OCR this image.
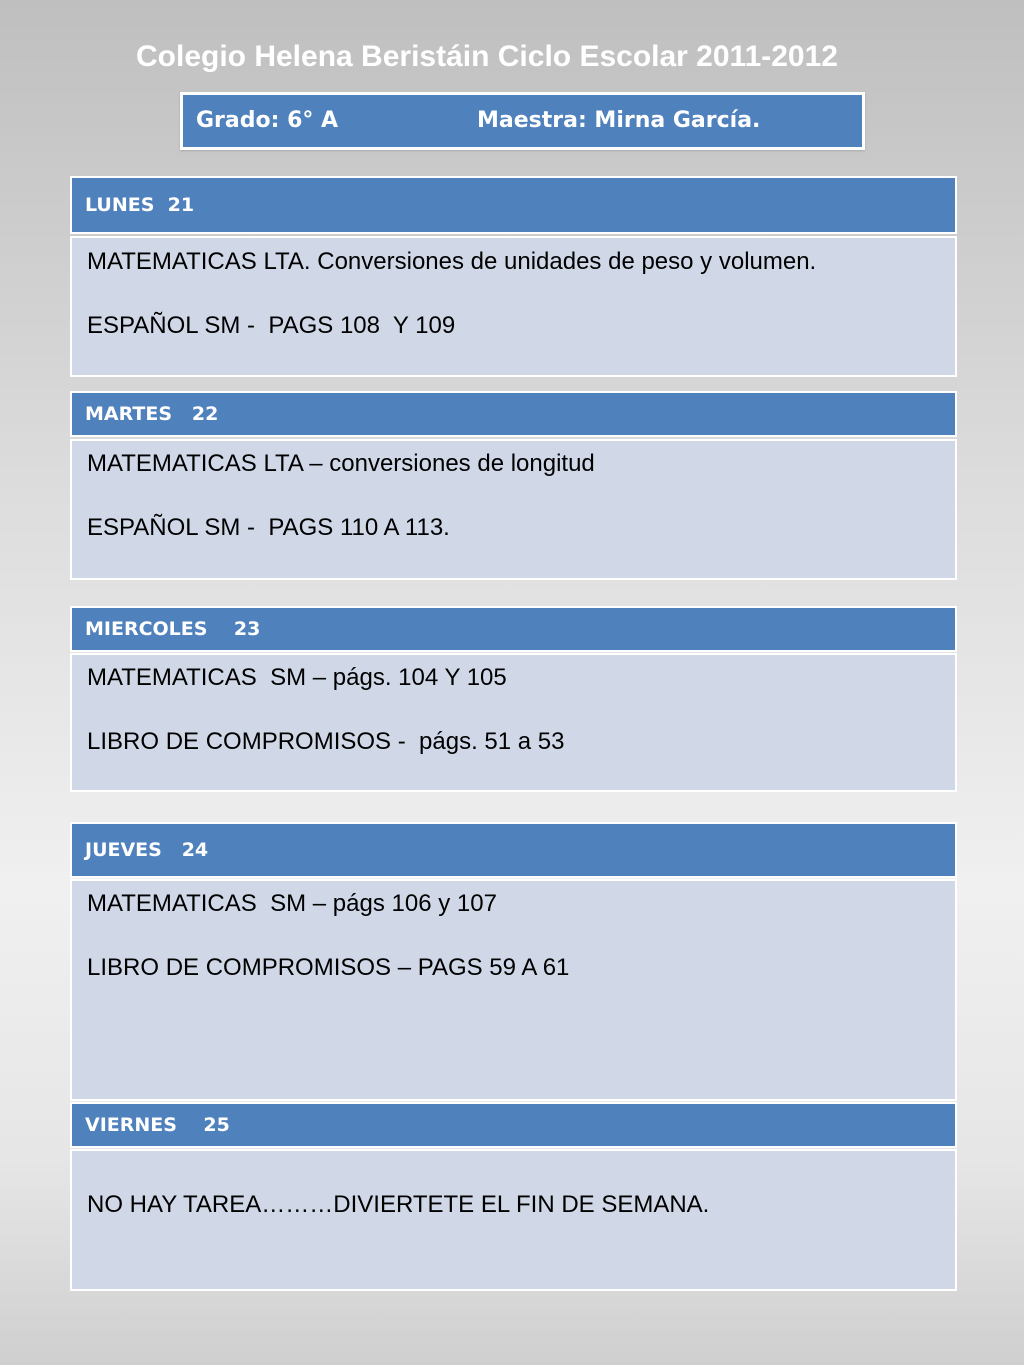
Colegio Helena Beristáin Ciclo Escolar 2011-2012
Grado: 6° A	Maestra: Mirna García.
LUNES  21

MATEMATICAS LTA. Conversiones de unidades de peso y volumen.

ESPAÑOL SM -  PAGS 108  Y 109

MARTES   22

MATEMATICAS LTA – conversiones de longitud

ESPAÑOL SM -  PAGS 110 A 113.

MIERCOLES    23

MATEMATICAS  SM – págs. 104 Y 105

LIBRO DE COMPROMISOS -  págs. 51 a 53

JUEVES   24

MATEMATICAS  SM – págs 106 y 107

LIBRO DE COMPROMISOS – PAGS 59 A 61

VIERNES    25

NO HAY TAREA………DIVIERTETE EL FIN DE SEMANA.
